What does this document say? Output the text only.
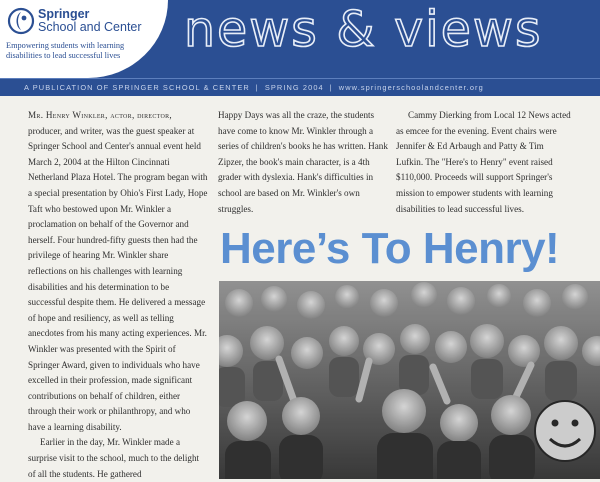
Springer
School and Center
Empowering students with learning disabilities to lead successful lives	news & views
A PUBLICATION OF SPRINGER SCHOOL & CENTER | SPRING 2004 | www.springerschoolandcenter.org

Mr. Henry Winkler, actor, director, producer, and writer, was the guest speaker at Springer School and Center's annual event held March 2, 2004 at the Hilton Cincinnati Netherland Plaza Hotel. The program began with a special presentation by Ohio's First Lady, Hope Taft who bestowed upon Mr. Winkler a proclamation on behalf of the Governor and herself. Four hundred-fifty guests then had the privilege of hearing Mr. Winkler share reflections on his challenges with learning disabilities and his determination to be successful despite them. He delivered a message of hope and resiliency, as well as telling anecdotes from his many acting experiences. Mr. Winkler was presented with the Spirit of Springer Award, given to individuals who have excelled in their profession, made significant contributions on behalf of children, either through their work or philanthropy, and who have a learning disability.

Earlier in the day, Mr. Winkler made a surprise visit to the school, much to the delight of all the students. He gathered

Happy Days was all the craze, the students have come to know Mr. Winkler through a series of children's books he has written. Hank Zipzer, the book's main character, is a 4th grader with dyslexia. Hank's difficulties in school are based on Mr. Winkler's own struggles.

Cammy Dierking from Local 12 News acted as emcee for the evening. Event chairs were Jennifer & Ed Arbaugh and Patty & Tim Lufkin. The "Here's to Henry" event raised $110,000. Proceeds will support Springer's mission to empower students with learning disabilities to lead successful lives.

Here’s To Henry!
